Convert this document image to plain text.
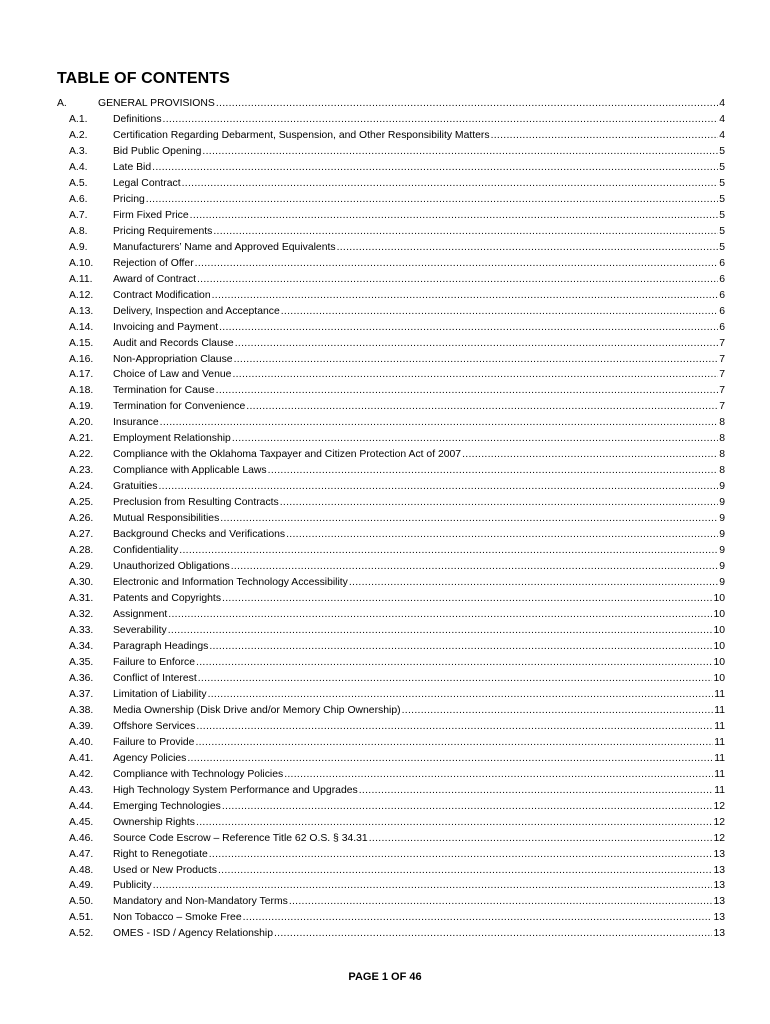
TABLE OF CONTENTS
A.	GENERAL PROVISIONS .....	4
A.1. Definitions .....	4
A.2. Certification Regarding Debarment, Suspension, and Other Responsibility Matters .....	4
A.3. Bid Public Opening .....	5
A.4. Late Bid .....	5
A.5. Legal Contract .....	5
A.6. Pricing .....	5
A.7. Firm Fixed Price .....	5
A.8. Pricing Requirements .....	5
A.9. Manufacturers’ Name and Approved Equivalents .....	5
A.10. Rejection of Offer .....	6
A.11. Award of Contract .....	6
A.12. Contract Modification .....	6
A.13. Delivery, Inspection and Acceptance .....	6
A.14. Invoicing and Payment .....	6
A.15. Audit and Records Clause .....	7
A.16. Non-Appropriation Clause .....	7
A.17. Choice of Law and Venue .....	7
A.18. Termination for Cause .....	7
A.19. Termination for Convenience .....	7
A.20. Insurance .....	8
A.21. Employment Relationship .....	8
A.22. Compliance with the Oklahoma Taxpayer and Citizen Protection Act of 2007 .....	8
A.23. Compliance with Applicable Laws .....	8
A.24. Gratuities .....	9
A.25. Preclusion from Resulting Contracts .....	9
A.26. Mutual Responsibilities .....	9
A.27. Background Checks and Verifications .....	9
A.28. Confidentiality .....	9
A.29. Unauthorized Obligations .....	9
A.30. Electronic and Information Technology Accessibility .....	9
A.31. Patents and Copyrights .....	10
A.32. Assignment .....	10
A.33. Severability .....	10
A.34. Paragraph Headings .....	10
A.35. Failure to Enforce .....	10
A.36. Conflict of Interest .....	10
A.37. Limitation of Liability .....	11
A.38. Media Ownership (Disk Drive and/or Memory Chip Ownership) .....	11
A.39. Offshore Services .....	11
A.40. Failure to Provide .....	11
A.41. Agency Policies .....	11
A.42. Compliance with Technology Policies .....	11
A.43. High Technology System Performance and Upgrades .....	11
A.44. Emerging Technologies .....	12
A.45. Ownership Rights .....	12
A.46. Source Code Escrow – Reference Title 62 O.S. § 34.31 .....	12
A.47. Right to Renegotiate .....	13
A.48. Used or New Products .....	13
A.49. Publicity .....	13
A.50. Mandatory and Non-Mandatory Terms .....	13
A.51. Non Tobacco – Smoke Free .....	13
A.52. OMES - ISD / Agency Relationship .....	13
PAGE 1 OF 46
